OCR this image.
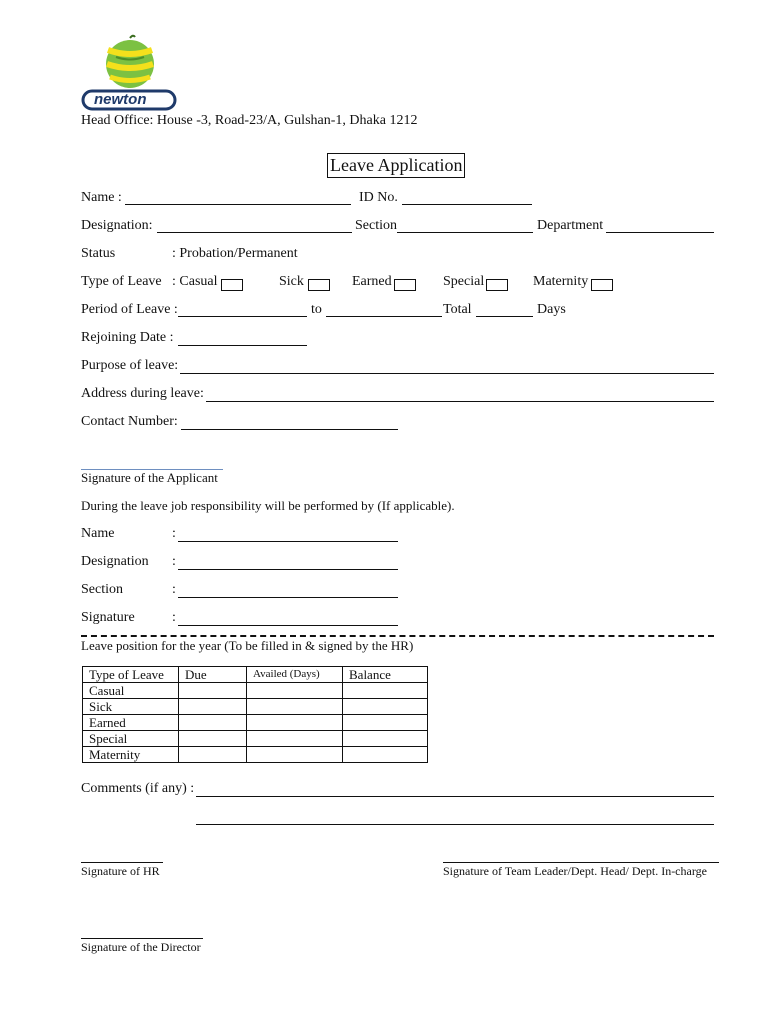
newton
Head Office: House -3, Road-23/A, Gulshan-1, Dhaka 1212
Leave Application
Name :	ID No.
Designation:	Section	Department
Status	: Probation/Permanent
Type of Leave : Casual	Sick	Earned	Special	Maternity
Period of Leave :	to	Total	Days
Rejoining Date :
Purpose of leave:
Address during leave:
Contact Number:
Signature of the Applicant
During the leave job responsibility will be performed by (If applicable).
Name	:
Designation :
Section	:
Signature	:
Leave position for the year (To be filled in & signed by the HR)
Type of Leave	Due	Availed (Days)	Balance
Casual			
Sick			
Earned			
Special			
Maternity			
Comments (if any) :
Signature of HR	Signature of Team Leader/Dept. Head/ Dept. In-charge
Signature of the Director
